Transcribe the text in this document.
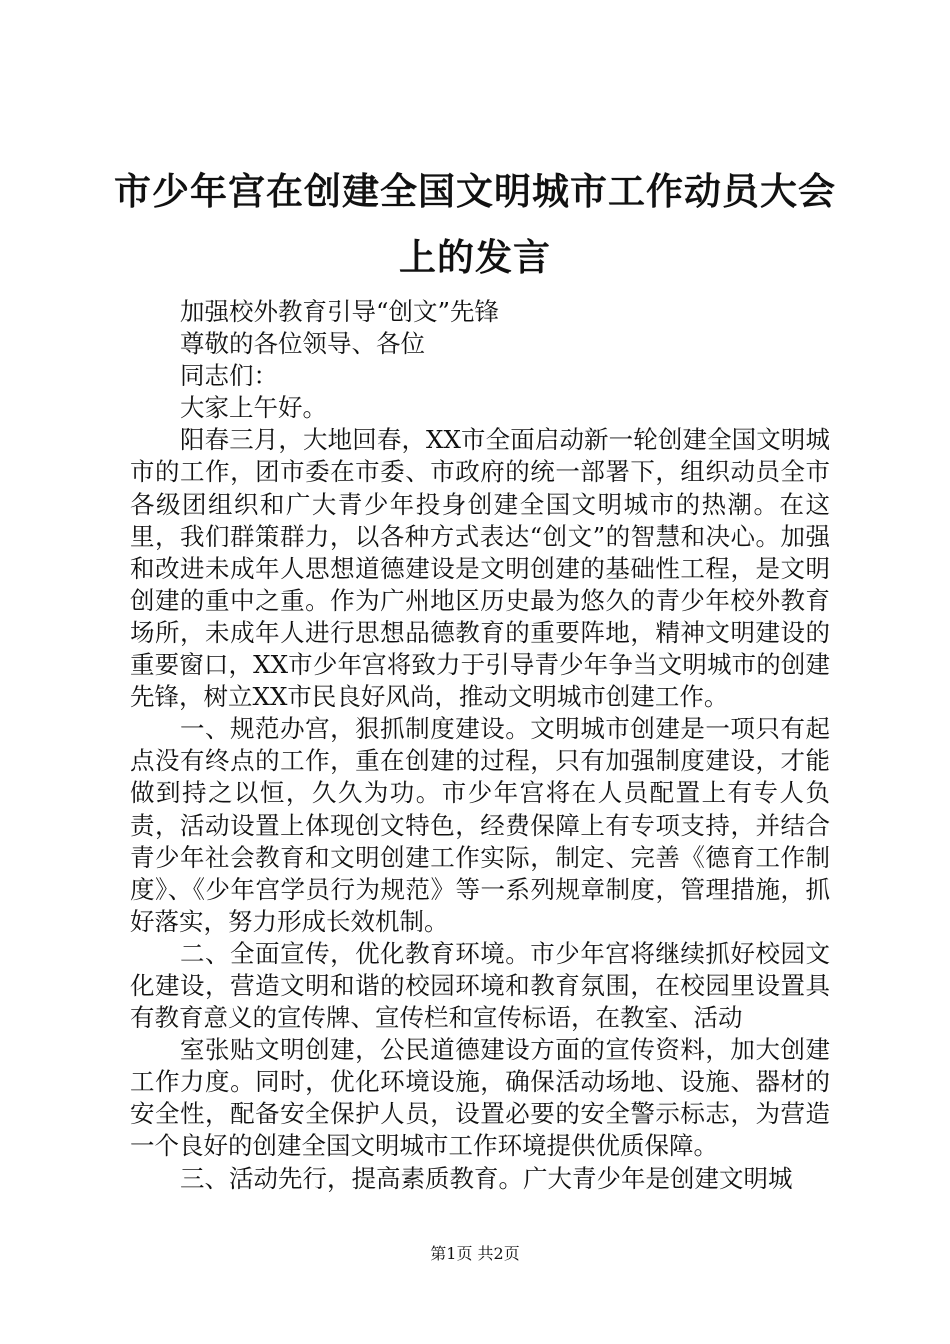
市少年宫在创建全国文明城市工作动员大会上的发言

加强校外教育引导“创文”先锋

尊敬的各位领导、各位

同志们：

大家上午好。

阳春三月，大地回春，XX市全面启动新一轮创建全国文明城市的工作，团市委在市委、市政府的统一部署下，组织动员全市各级团组织和广大青少年投身创建全国文明城市的热潮。在这里，我们群策群力，以各种方式表达“创文”的智慧和决心。加强和改进未成年人思想道德建设是文明创建的基础性工程，是文明创建的重中之重。作为广州地区历史最为悠久的青少年校外教育场所，未成年人进行思想品德教育的重要阵地，精神文明建设的重要窗口，XX市少年宫将致力于引导青少年争当文明城市的创建先锋，树立XX市民良好风尚，推动文明城市创建工作。

一、规范办宫，狠抓制度建设。文明城市创建是一项只有起点没有终点的工作，重在创建的过程，只有加强制度建设，才能做到持之以恒，久久为功。市少年宫将在人员配置上有专人负责，活动设置上体现创文特色，经费保障上有专项支持，并结合青少年社会教育和文明创建工作实际，制定、完善《德育工作制度》、《少年宫学员行为规范》等一系列规章制度，管理措施，抓好落实，努力形成长效机制。

二、全面宣传，优化教育环境。市少年宫将继续抓好校园文化建设，营造文明和谐的校园环境和教育氛围，在校园里设置具有教育意义的宣传牌、宣传栏和宣传标语，在教室、活动

室张贴文明创建，公民道德建设方面的宣传资料，加大创建工作力度。同时，优化环境设施，确保活动场地、设施、器材的安全性，配备安全保护人员，设置必要的安全警示标志，为营造一个良好的创建全国文明城市工作环境提供优质保障。

三、活动先行，提高素质教育。广大青少年是创建文明城

第1页 共2页
